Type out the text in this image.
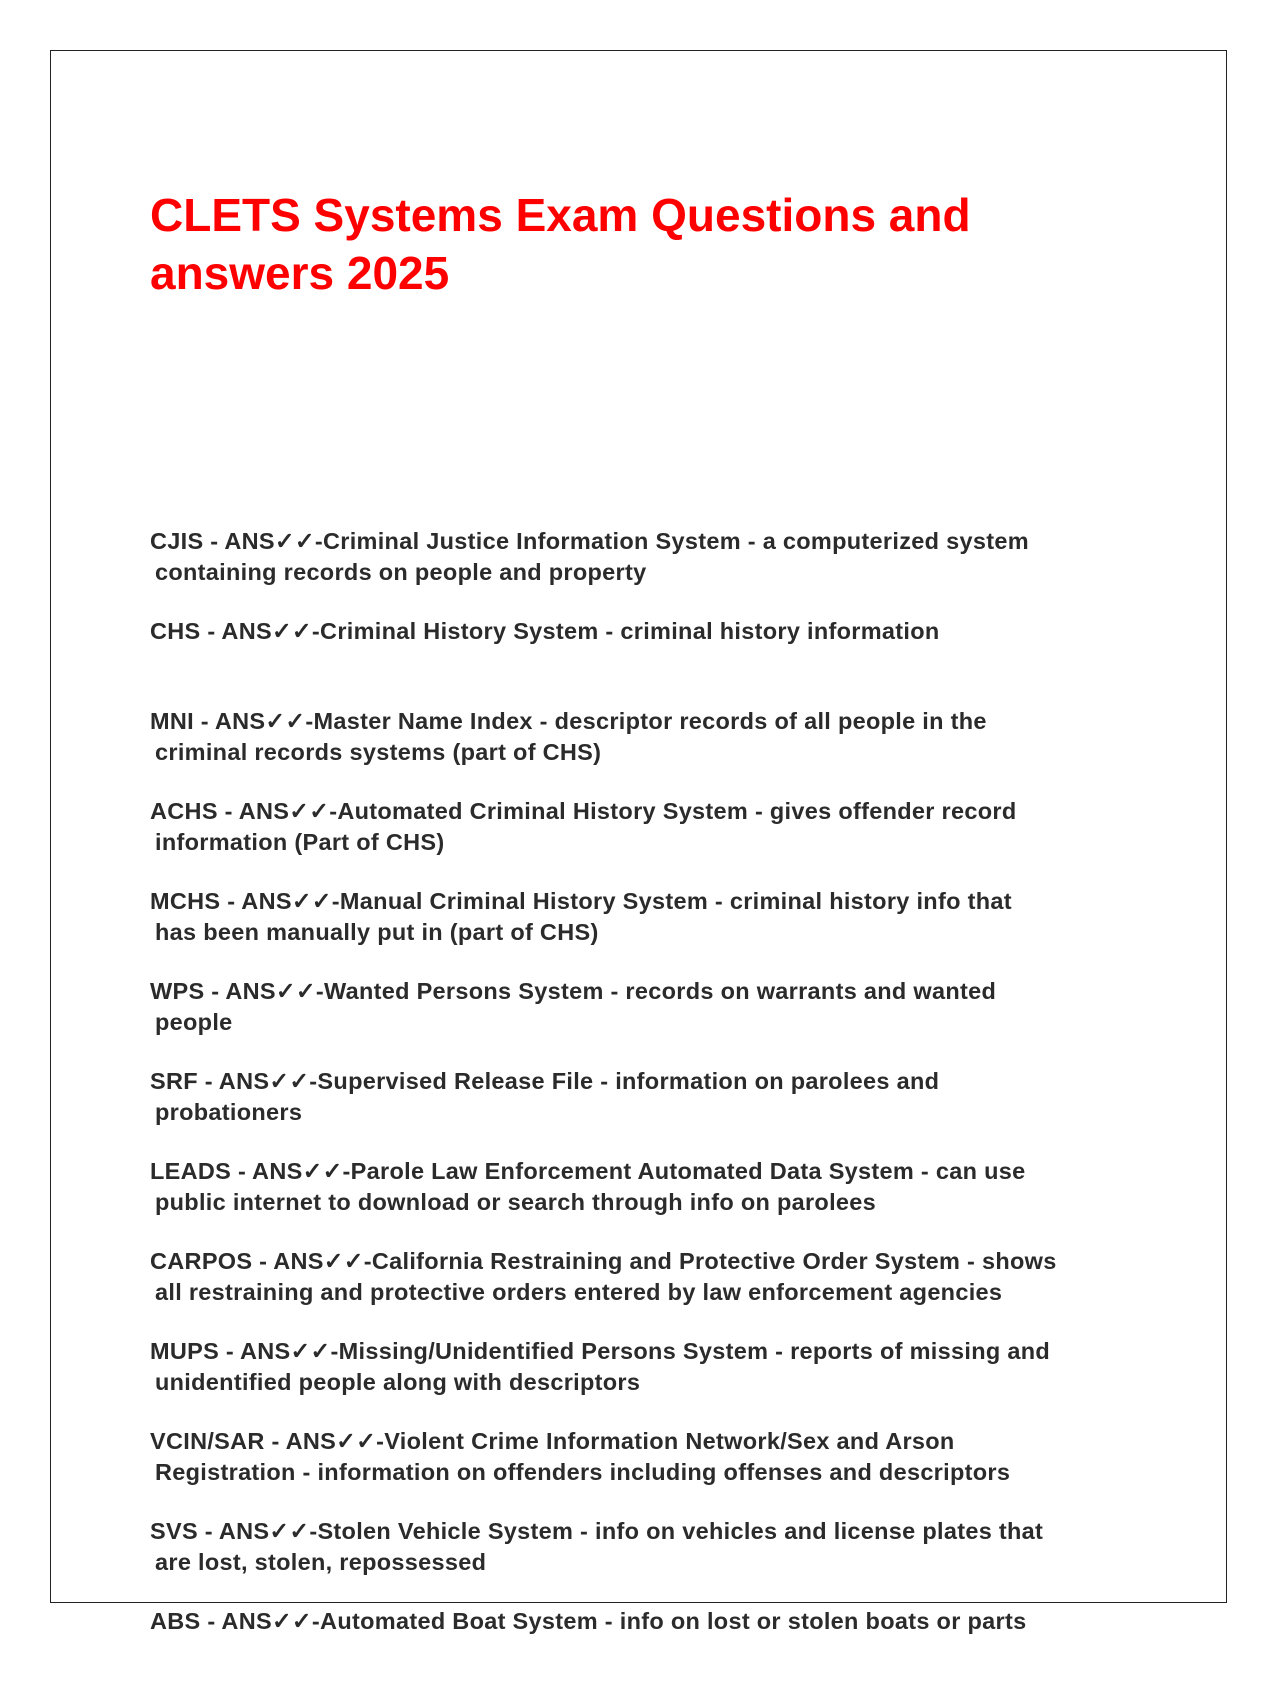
CLETS Systems Exam Questions and
answers 2025
CJIS - ANS✓✓-Criminal Justice Information System - a computerized system
containing records on people and property
CHS - ANS✓✓-Criminal History System - criminal history information
MNI - ANS✓✓-Master Name Index - descriptor records of all people in the
criminal records systems (part of CHS)
ACHS - ANS✓✓-Automated Criminal History System - gives offender record
information (Part of CHS)
MCHS - ANS✓✓-Manual Criminal History System - criminal history info that
has been manually put in (part of CHS)
WPS - ANS✓✓-Wanted Persons System - records on warrants and wanted
people
SRF - ANS✓✓-Supervised Release File - information on parolees and
probationers
LEADS - ANS✓✓-Parole Law Enforcement Automated Data System - can use
public internet to download or search through info on parolees
CARPOS - ANS✓✓-California Restraining and Protective Order System - shows
all restraining and protective orders entered by law enforcement agencies
MUPS - ANS✓✓-Missing/Unidentified Persons System - reports of missing and
unidentified people along with descriptors
VCIN/SAR - ANS✓✓-Violent Crime Information Network/Sex and Arson
Registration - information on offenders including offenses and descriptors
SVS - ANS✓✓-Stolen Vehicle System - info on vehicles and license plates that
are lost, stolen, repossessed
ABS - ANS✓✓-Automated Boat System - info on lost or stolen boats or parts
